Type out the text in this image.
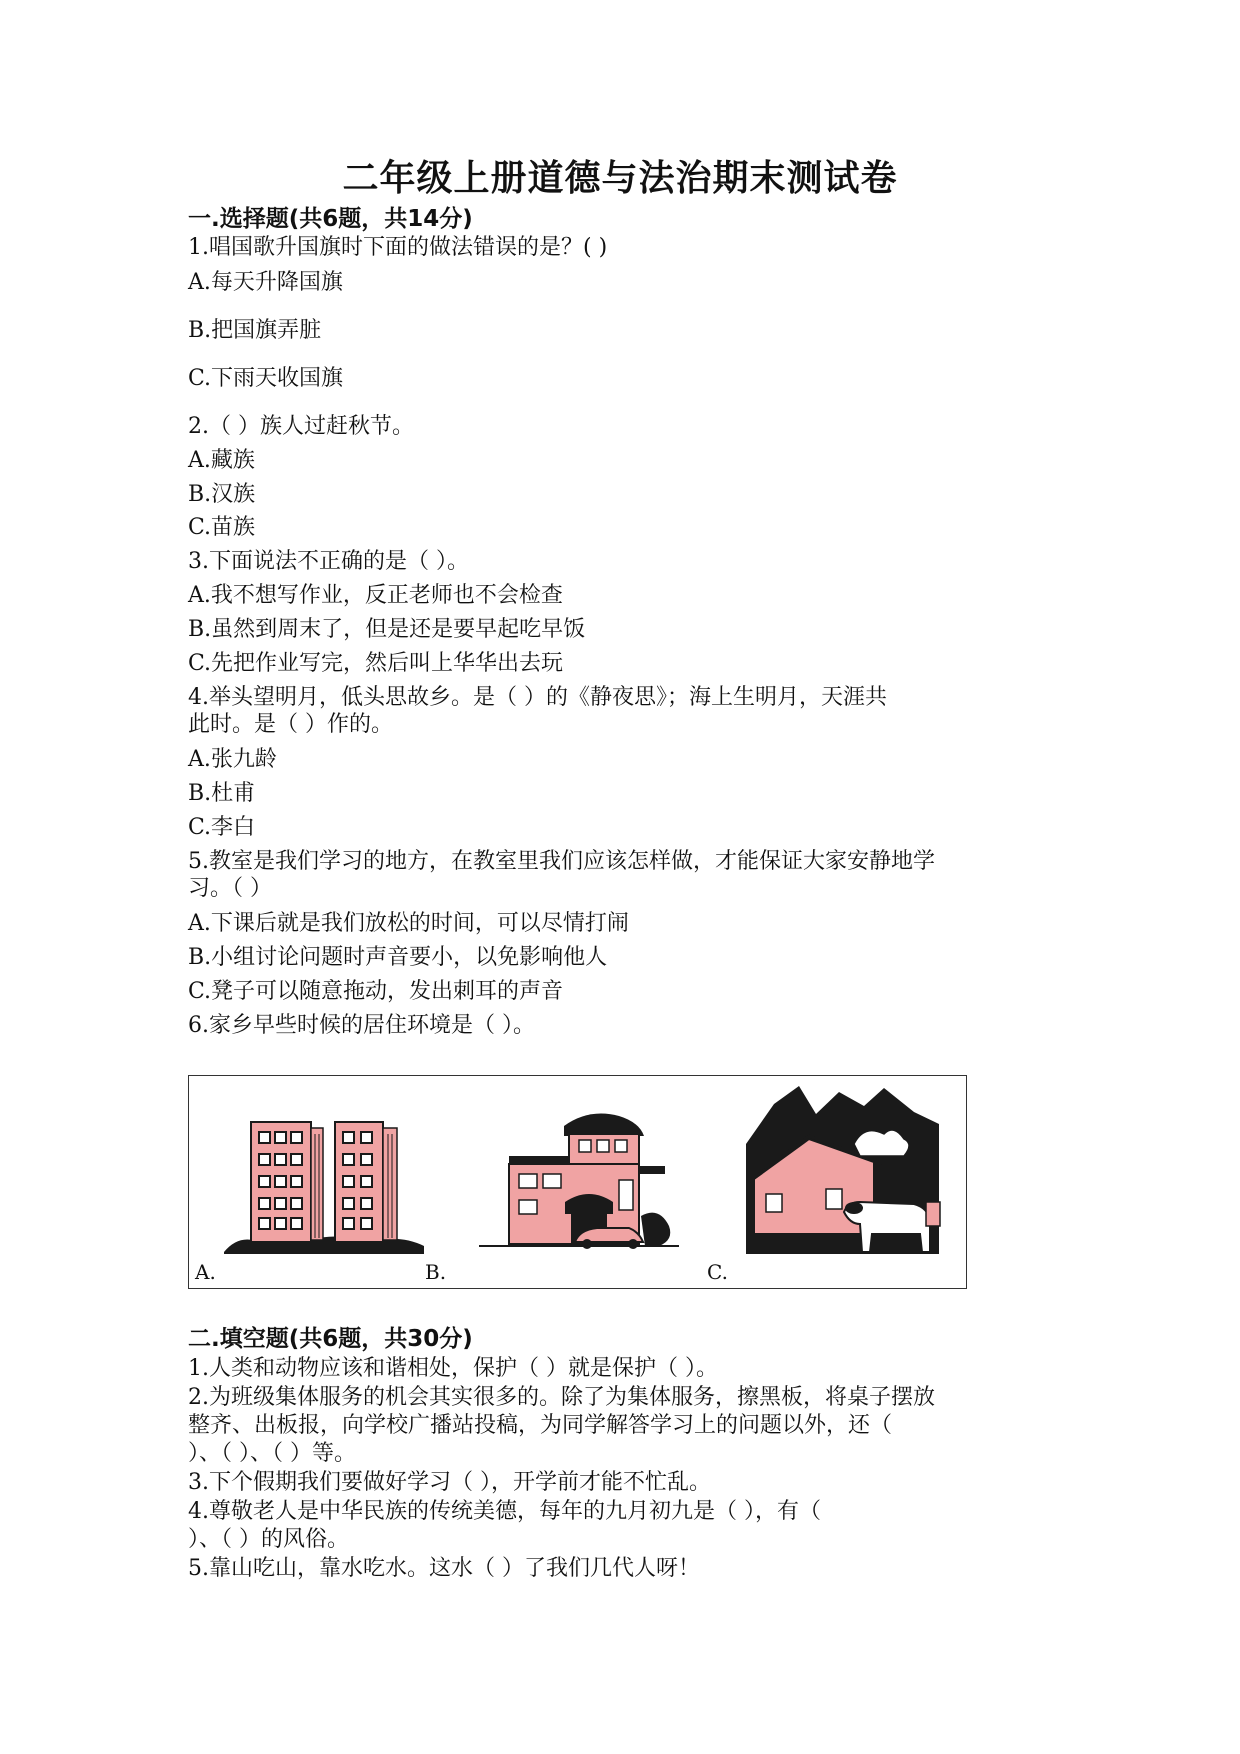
二年级上册道德与法治期末测试卷
一.选择题(共6题，共14分)
1.唱国歌升国旗时下面的做法错误的是？( )
A.每天升降国旗
B.把国旗弄脏
C.下雨天收国旗
2.（ ）族人过赶秋节。
A.藏族
B.汉族
C.苗族
3.下面说法不正确的是（ ）。
A.我不想写作业，反正老师也不会检查
B.虽然到周末了，但是还是要早起吃早饭
C.先把作业写完，然后叫上华华出去玩
4.举头望明月，低头思故乡。是（ ）的《静夜思》；海上生明月，天涯共
此时。是（ ）作的。
A.张九龄
B.杜甫
C.李白
5.教室是我们学习的地方，在教室里我们应该怎样做，才能保证大家安静地学
习。（ ）
A.下课后就是我们放松的时间，可以尽情打闹
B.小组讨论问题时声音要小，以免影响他人
C.凳子可以随意拖动，发出刺耳的声音
6.家乡早些时候的居住环境是（ ）。
A.	B.	C.
二.填空题(共6题，共30分)
1.人类和动物应该和谐相处，保护（ ）就是保护（ ）。
2.为班级集体服务的机会其实很多的。除了为集体服务，擦黑板，将桌子摆放
整齐、出板报，向学校广播站投稿，为同学解答学习上的问题以外，还（
）、（ ）、（ ）等。
3.下个假期我们要做好学习（ ），开学前才能不忙乱。
4.尊敬老人是中华民族的传统美德，每年的九月初九是（ ），有（
）、（ ）的风俗。
5.靠山吃山，靠水吃水。这水（ ）了我们几代人呀！
